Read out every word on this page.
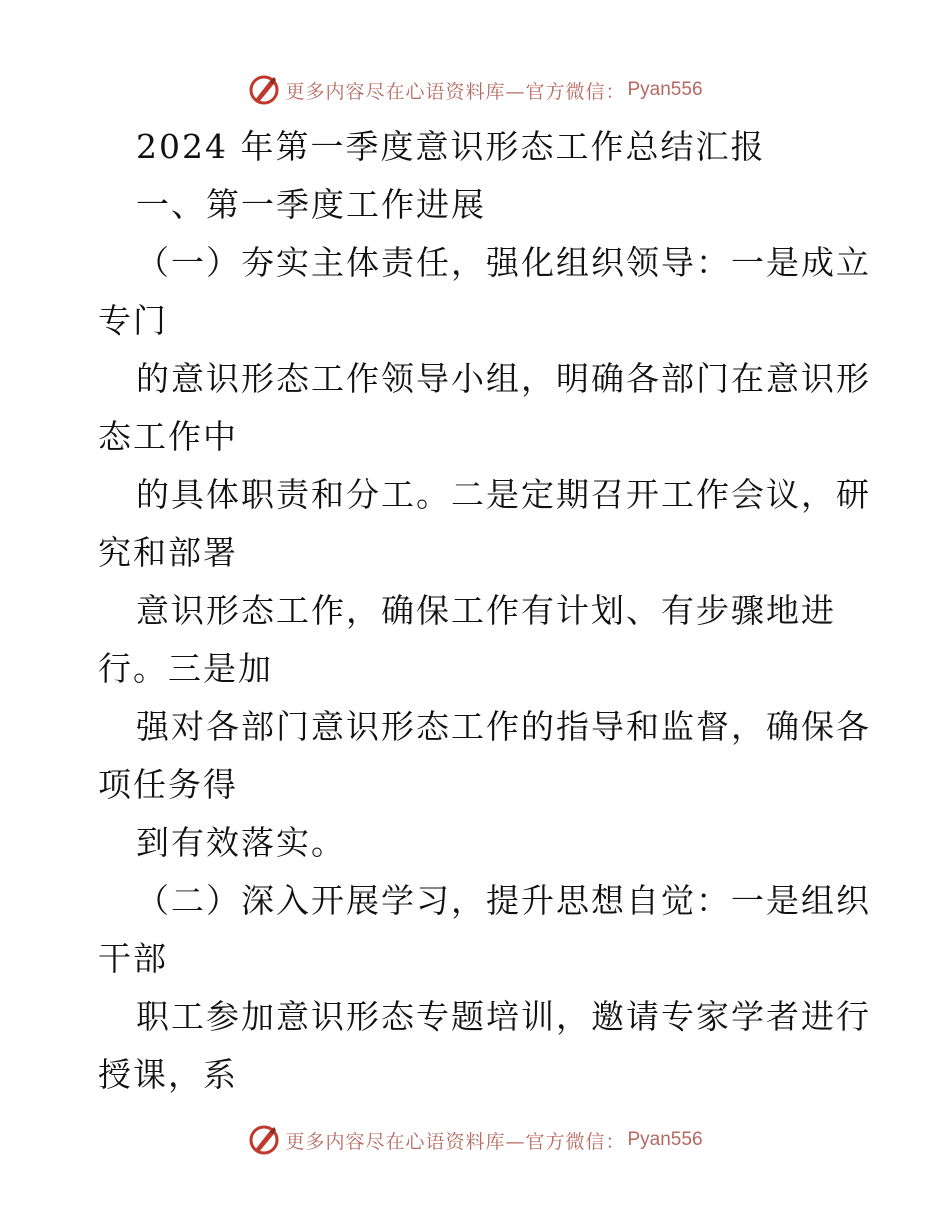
更多内容尽在心语资料库—官方微信： Pyan556
2024 年第一季度意识形态工作总结汇报
一、第一季度工作进展
（一）夯实主体责任，强化组织领导：一是成立
专门
的意识形态工作领导小组，明确各部门在意识形
态工作中
的具体职责和分工。二是定期召开工作会议，研
究和部署
意识形态工作，确保工作有计划、有步骤地进
行。三是加
强对各部门意识形态工作的指导和监督，确保各
项任务得
到有效落实。
（二）深入开展学习，提升思想自觉：一是组织
干部
职工参加意识形态专题培训，邀请专家学者进行
授课，系
更多内容尽在心语资料库—官方微信： Pyan556
